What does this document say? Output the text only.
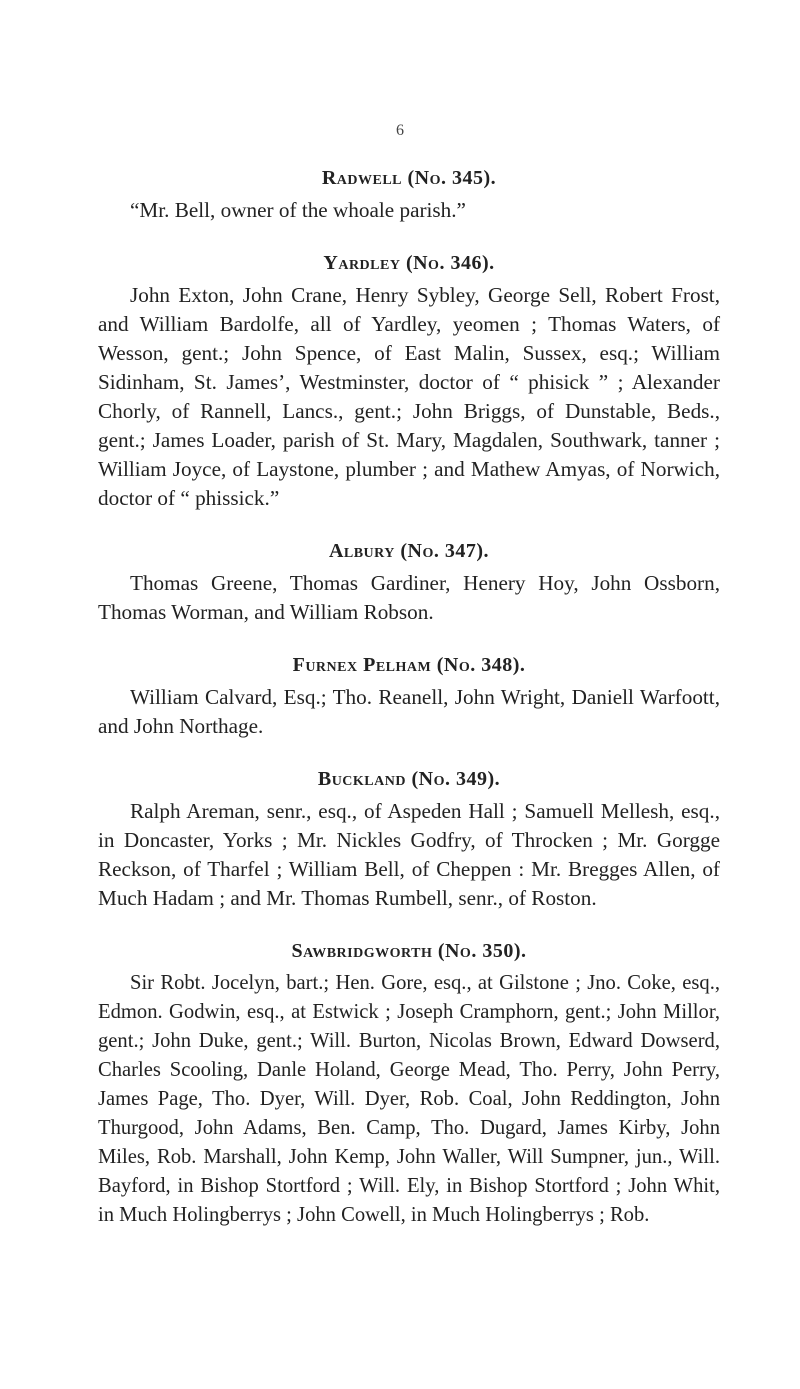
6
Radwell (No. 345).

“Mr. Bell, owner of the whoale parish.”

Yardley (No. 346).

John Exton, John Crane, Henry Sybley, George Sell, Robert Frost, and William Bardolfe, all of Yardley, yeomen ; Thomas Waters, of Wesson, gent.; John Spence, of East Malin, Sussex, esq.; William Sidinham, St. James’, Westminster, doctor of “ phisick ” ; Alexander Chorly, of Rannell, Lancs., gent.; John Briggs, of Dunstable, Beds., gent.; James Loader, parish of St. Mary, Magdalen, Southwark, tanner ; William Joyce, of Laystone, plumber ; and Mathew Amyas, of Norwich, doctor of “ phissick.”

Albury (No. 347).

Thomas Greene, Thomas Gardiner, Henery Hoy, John Ossborn, Thomas Worman, and William Robson.

Furnex Pelham (No. 348).

William Calvard, Esq.; Tho. Reanell, John Wright, Daniell Warfoott, and John Northage.

Buckland (No. 349).

Ralph Areman, senr., esq., of Aspeden Hall ; Samuell Mellesh, esq., in Doncaster, Yorks ; Mr. Nickles Godfry, of Throcken ; Mr. Gorgge Reckson, of Tharfel ; William Bell, of Cheppen : Mr. Bregges Allen, of Much Hadam ; and Mr. Thomas Rumbell, senr., of Roston.

Sawbridgworth (No. 350).

Sir Robt. Jocelyn, bart.; Hen. Gore, esq., at Gilstone ; Jno. Coke, esq., Edmon. Godwin, esq., at Estwick ; Joseph Cramphorn, gent.; John Millor, gent.; John Duke, gent.; Will. Burton, Nicolas Brown, Edward Dowserd, Charles Scooling, Danle Holand, George Mead, Tho. Perry, John Perry, James Page, Tho. Dyer, Will. Dyer, Rob. Coal, John Reddington, John Thurgood, John Adams, Ben. Camp, Tho. Dugard, James Kirby, John Miles, Rob. Marshall, John Kemp, John Waller, Will Sumpner, jun., Will. Bayford, in Bishop Stortford ; Will. Ely, in Bishop Stortford ; John Whit, in Much Holingberrys ; John Cowell, in Much Holingberrys ; Rob.
